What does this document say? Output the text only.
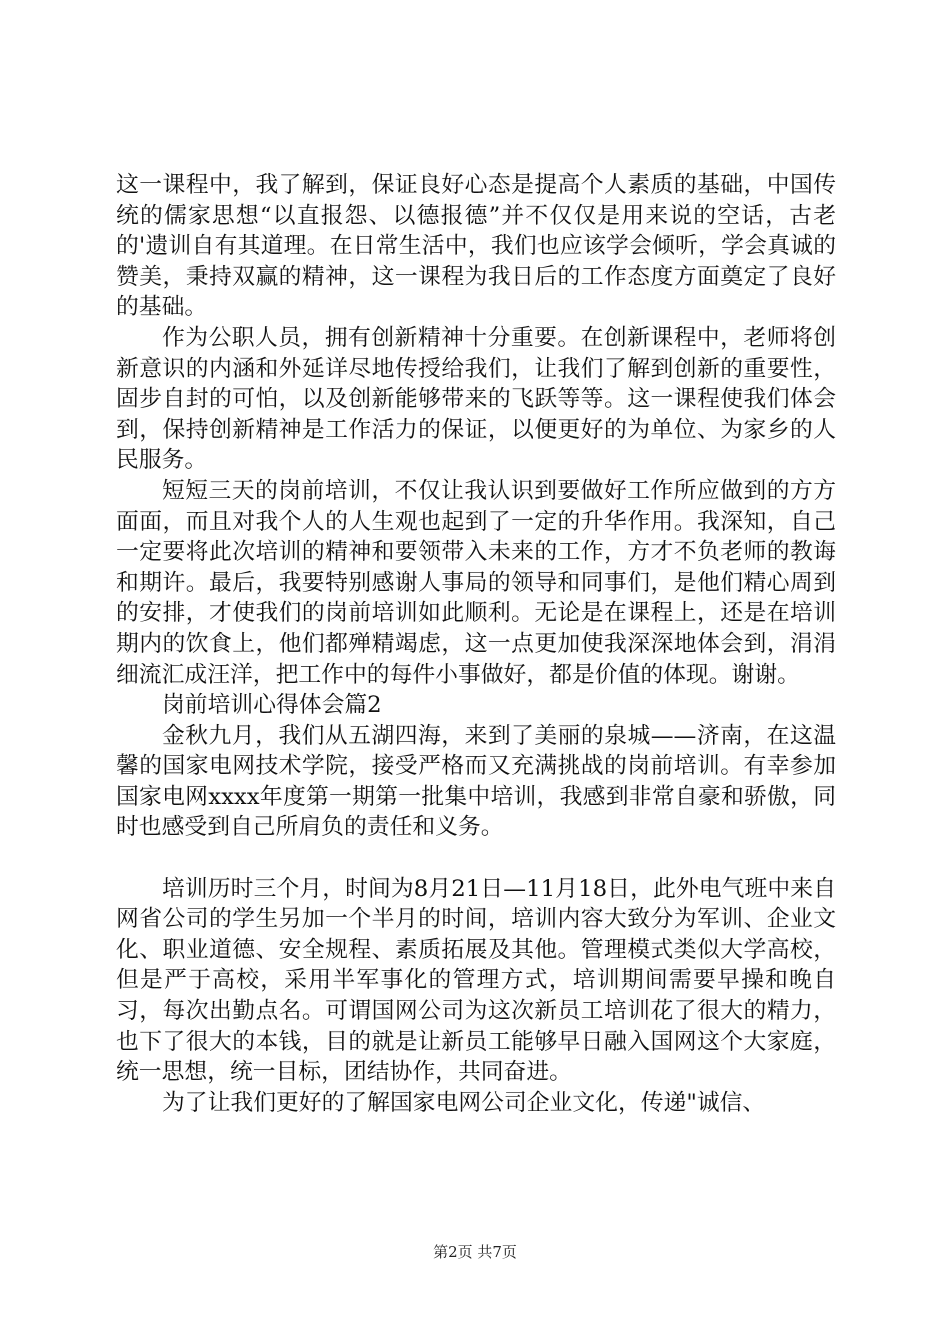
这一课程中，我了解到，保证良好心态是提高个人素质的基础，中国传统的儒家思想“以直报怨、以德报德”并不仅仅是用来说的空话，古老的'遗训自有其道理。在日常生活中，我们也应该学会倾听，学会真诚的赞美，秉持双赢的精神，这一课程为我日后的工作态度方面奠定了良好的基础。

作为公职人员，拥有创新精神十分重要。在创新课程中，老师将创新意识的内涵和外延详尽地传授给我们，让我们了解到创新的重要性，固步自封的可怕，以及创新能够带来的飞跃等等。这一课程使我们体会到，保持创新精神是工作活力的保证，以便更好的为单位、为家乡的人民服务。

短短三天的岗前培训，不仅让我认识到要做好工作所应做到的方方面面，而且对我个人的人生观也起到了一定的升华作用。我深知，自己一定要将此次培训的精神和要领带入未来的工作，方才不负老师的教诲和期许。最后，我要特别感谢人事局的领导和同事们，是他们精心周到的安排，才使我们的岗前培训如此顺利。无论是在课程上，还是在培训期内的饮食上，他们都殚精竭虑，这一点更加使我深深地体会到，涓涓细流汇成汪洋，把工作中的每件小事做好，都是价值的体现。谢谢。

岗前培训心得体会篇2

金秋九月，我们从五湖四海，来到了美丽的泉城——济南，在这温馨的国家电网技术学院，接受严格而又充满挑战的岗前培训。有幸参加国家电网xxxx年度第一期第一批集中培训，我感到非常自豪和骄傲，同时也感受到自己所肩负的责任和义务。

培训历时三个月，时间为8月21日—11月18日，此外电气班中来自网省公司的学生另加一个半月的时间，培训内容大致分为军训、企业文化、职业道德、安全规程、素质拓展及其他。管理模式类似大学高校，但是严于高校，采用半军事化的管理方式，培训期间需要早操和晚自习，每次出勤点名。可谓国网公司为这次新员工培训花了很大的精力，也下了很大的本钱，目的就是让新员工能够早日融入国网这个大家庭，统一思想，统一目标，团结协作，共同奋进。

为了让我们更好的了解国家电网公司企业文化，传递"诚信、

第2页 共7页
